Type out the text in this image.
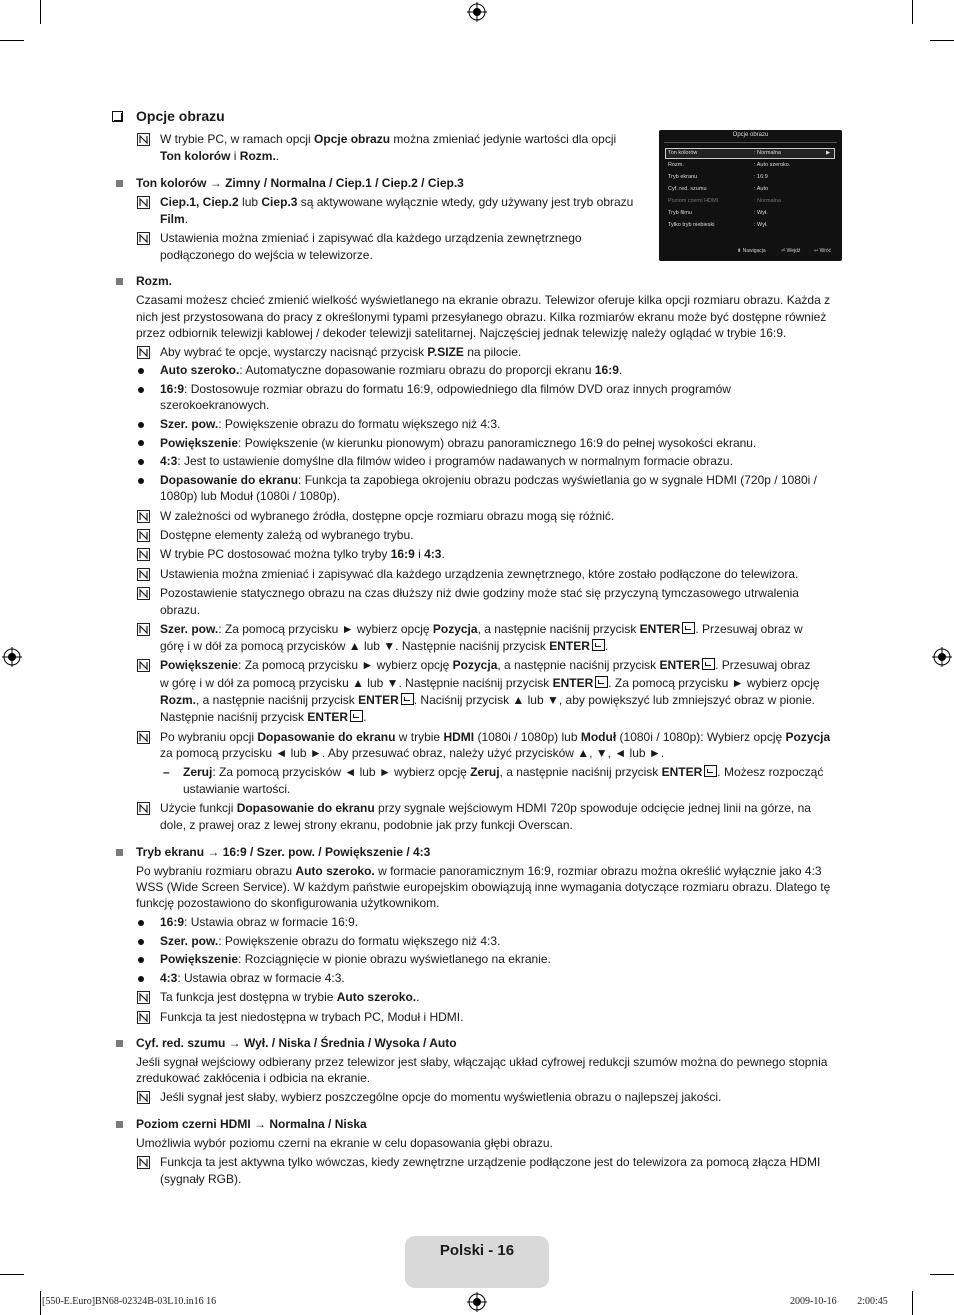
Opcje obrazu
Opcje obrazu
Ton kolorów	: Normalna	▶
Rozm.	: Auto szeroko.
Tryb ekranu	: 16:9
Cyf. red. szumu	: Auto
Poziom czerni HDMI	: Normalna
Tryb filmu	: Wył.
Tylko tryb niebieski	: Wył.
⬍ Nawigacja	⏎ Wejdź	↩ Wróć
W trybie PC, w ramach opcji Opcje obrazu można zmieniać jedynie wartości dla opcji
Ton kolorów i Rozm..
Ton kolorów → Zimny / Normalna / Ciep.1 / Ciep.2 / Ciep.3
Ciep.1, Ciep.2 lub Ciep.3 są aktywowane wyłącznie wtedy, gdy używany jest tryb obrazu
Film.
Ustawienia można zmieniać i zapisywać dla każdego urządzenia zewnętrznego
podłączonego do wejścia w telewizorze.
Rozm.
Czasami możesz chcieć zmienić wielkość wyświetlanego na ekranie obrazu. Telewizor oferuje kilka opcji rozmiaru obrazu. Każda z
nich jest przystosowana do pracy z określonymi typami przesyłanego obrazu. Kilka rozmiarów ekranu może być dostępne również
przez odbiornik telewizji kablowej / dekoder telewizji satelitarnej. Najczęściej jednak telewizję należy oglądać w trybie 16:9.
Aby wybrać te opcje, wystarczy nacisnąć przycisk P.SIZE na pilocie.
Auto szeroko.: Automatyczne dopasowanie rozmiaru obrazu do proporcji ekranu 16:9.
16:9: Dostosowuje rozmiar obrazu do formatu 16:9, odpowiedniego dla filmów DVD oraz innych programów
szerokoekranowych.
Szer. pow.: Powiększenie obrazu do formatu większego niż 4:3.
Powiększenie: Powiększenie (w kierunku pionowym) obrazu panoramicznego 16:9 do pełnej wysokości ekranu.
4:3: Jest to ustawienie domyślne dla filmów wideo i programów nadawanych w normalnym formacie obrazu.
Dopasowanie do ekranu: Funkcja ta zapobiega okrojeniu obrazu podczas wyświetlania go w sygnale HDMI (720p / 1080i /
1080p) lub Moduł (1080i / 1080p).
W zależności od wybranego źródła, dostępne opcje rozmiaru obrazu mogą się różnić.
Dostępne elementy zależą od wybranego trybu.
W trybie PC dostosować można tylko tryby 16:9 i 4:3.
Ustawienia można zmieniać i zapisywać dla każdego urządzenia zewnętrznego, które zostało podłączone do telewizora.
Pozostawienie statycznego obrazu na czas dłuższy niż dwie godziny może stać się przyczyną tymczasowego utrwalenia
obrazu.
Szer. pow.: Za pomocą przycisku ► wybierz opcję Pozycja, a następnie naciśnij przycisk ENTER . Przesuwaj obraz w
górę i w dół za pomocą przycisków ▲ lub ▼. Następnie naciśnij przycisk ENTER .
Powiększenie: Za pomocą przycisku ► wybierz opcję Pozycja, a następnie naciśnij przycisk ENTER . Przesuwaj obraz
w górę i w dół za pomocą przycisku ▲ lub ▼. Następnie naciśnij przycisk ENTER . Za pomocą przycisku ► wybierz opcję
Rozm., a następnie naciśnij przycisk ENTER . Naciśnij przycisk ▲ lub ▼, aby powiększyć lub zmniejszyć obraz w pionie.
Następnie naciśnij przycisk ENTER .
Po wybraniu opcji Dopasowanie do ekranu w trybie HDMI (1080i / 1080p) lub Moduł (1080i / 1080p): Wybierz opcję Pozycja
za pomocą przycisku ◄ lub ►. Aby przesuwać obraz, należy użyć przycisków ▲, ▼, ◄ lub ►.
– Zeruj: Za pomocą przycisków ◄ lub ► wybierz opcję Zeruj, a następnie naciśnij przycisk ENTER . Możesz rozpocząć
ustawianie wartości.
Użycie funkcji Dopasowanie do ekranu przy sygnale wejściowym HDMI 720p spowoduje odcięcie jednej linii na górze, na
dole, z prawej oraz z lewej strony ekranu, podobnie jak przy funkcji Overscan.
Tryb ekranu → 16:9 / Szer. pow. / Powiększenie / 4:3
Po wybraniu rozmiaru obrazu Auto szeroko. w formacie panoramicznym 16:9, rozmiar obrazu można określić wyłącznie jako 4:3
WSS (Wide Screen Service). W każdym państwie europejskim obowiązują inne wymagania dotyczące rozmiaru obrazu. Dlatego tę
funkcję pozostawiono do skonfigurowania użytkownikom.
16:9: Ustawia obraz w formacie 16:9.
Szer. pow.: Powiększenie obrazu do formatu większego niż 4:3.
Powiększenie: Rozciągnięcie w pionie obrazu wyświetlanego na ekranie.
4:3: Ustawia obraz w formacie 4:3.
Ta funkcja jest dostępna w trybie Auto szeroko..
Funkcja ta jest niedostępna w trybach PC, Moduł i HDMI.
Cyf. red. szumu → Wył. / Niska / Średnia / Wysoka / Auto
Jeśli sygnał wejściowy odbierany przez telewizor jest słaby, włączając układ cyfrowej redukcji szumów można do pewnego stopnia
zredukować zakłócenia i odbicia na ekranie.
Jeśli sygnał jest słaby, wybierz poszczególne opcje do momentu wyświetlenia obrazu o najlepszej jakości.
Poziom czerni HDMI → Normalna / Niska
Umożliwia wybór poziomu czerni na ekranie w celu dopasowania głębi obrazu.
Funkcja ta jest aktywna tylko wówczas, kiedy zewnętrzne urządzenie podłączone jest do telewizora za pomocą złącza HDMI
(sygnały RGB).
Polski - 16
[550-E.Euro]BN68-02324B-03L10.in16 16	2009-10-16 ￿￿ 2:00:45
